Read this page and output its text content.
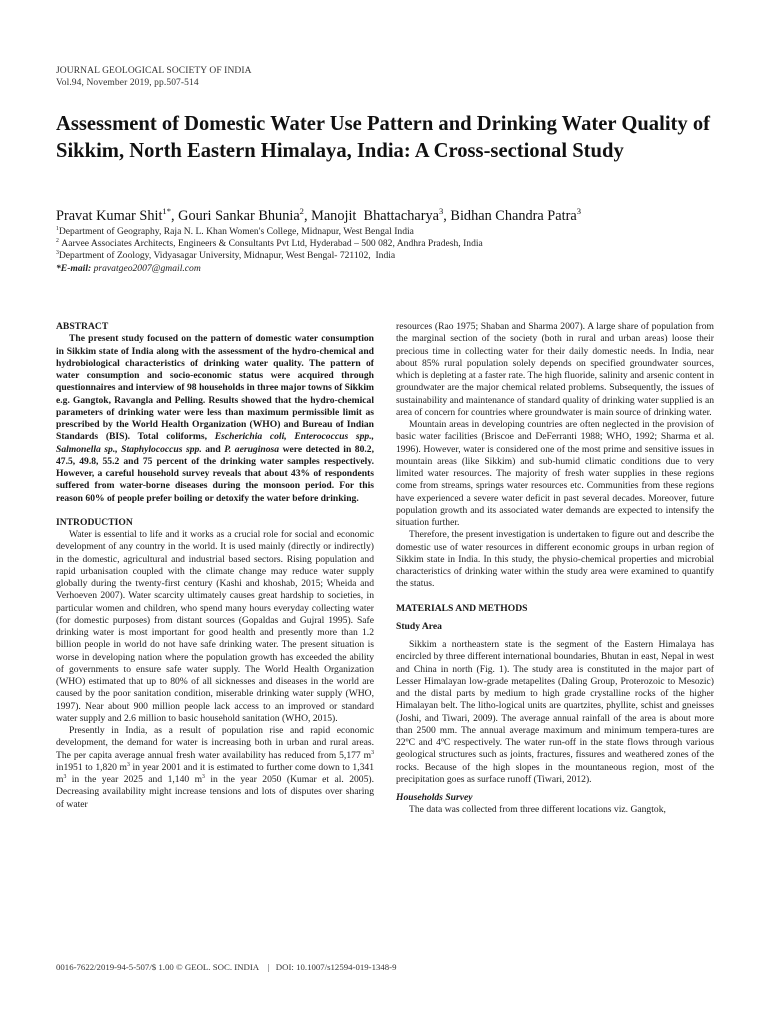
JOURNAL GEOLOGICAL SOCIETY OF INDIA
Vol.94, November 2019, pp.507-514
Assessment of Domestic Water Use Pattern and Drinking Water Quality of Sikkim, North Eastern Himalaya, India: A Cross-sectional Study
Pravat Kumar Shit$^{1*}$, Gouri Sankar Bhunia$^2$, Manojit  Bhattacharya$^3$, Bidhan Chandra Patra$^3$
$^1$Department of Geography, Raja N. L. Khan Women's College, Midnapur, West Bengal India
$^2$ Aarvee Associates Architects, Engineers & Consultants Pvt Ltd, Hyderabad – 500 082, Andhra Pradesh, India
$^3$Department of Zoology, Vidyasagar University, Midnapur, West Bengal- 721102,  India
*E-mail: pravatgeo2007@gmail.com
ABSTRACT

The present study focused on the pattern of domestic water consumption in Sikkim state of India along with the assessment of the hydro-chemical and hydrobiological characteristics of drinking water quality. The pattern of water consumption and socio-economic status were acquired through questionnaires and interview of 98 households in three major towns of Sikkim e.g. Gangtok, Ravangla and Pelling. Results showed that the hydro-chemical parameters of drinking water were less than maximum permissible limit as prescribed by the World Health Organization (WHO) and Bureau of Indian Standards (BIS). Total coliforms, Escherichia coli, Enterococcus spp., Salmonella sp., Staphylococcus spp. and P. aeruginosa were detected in 80.2, 47.5, 49.8, 55.2 and 75 percent of the drinking water samples respectively. However, a careful household survey reveals that about 43% of respondents suffered from water-borne diseases during the monsoon period. For this reason 60% of people prefer boiling or detoxify the water before drinking.

INTRODUCTION

Water is essential to life and it works as a crucial role for social and economic development of any country in the world. It is used mainly (directly or indirectly) in the domestic, agricultural and industrial based sectors. Rising population and rapid urbanisation coupled with the climate change may reduce water supply globally during the twenty-first century (Kashi and khoshab, 2015; Wheida and Verhoeven 2007). Water scarcity ultimately causes great hardship to societies, in particular women and children, who spend many hours everyday collecting water (for domestic purposes) from distant sources (Gopaldas and Gujral 1995). Safe drinking water is most important for good health and presently more than 1.2 billion people in world do not have safe drinking water. The present situation is worse in developing nation where the population growth has exceeded the ability of governments to ensure safe water supply. The World Health Organization (WHO) estimated that up to 80% of all sicknesses and diseases in the world are caused by the poor sanitation condition, miserable drinking water supply (WHO, 1997). Near about 900 million people lack access to an improved or standard water supply and 2.6 million to basic household sanitation (WHO, 2015).

Presently in India, as a result of population rise and rapid economic development, the demand for water is increasing both in urban and rural areas. The per capita average annual fresh water availability has reduced from 5,177 $m^3$ in1951 to 1,820 $m^3$ in year 2001 and it is estimated to further come down to 1,341 $m^3$ in the year 2025 and 1,140 $m^3$ in the year 2050 (Kumar et al. 2005). Decreasing availability might increase tensions and lots of disputes over sharing of water

resources (Rao 1975; Shaban and Sharma 2007). A large share of population from the marginal section of the society (both in rural and urban areas) loose their precious time in collecting water for their daily domestic needs. In India, near about 85% rural population solely depends on specified groundwater sources, which is depleting at a faster rate. The high fluoride, salinity and arsenic content in groundwater are the major chemical related problems. Subsequently, the issues of sustainability and maintenance of standard quality of drinking water supplied is an area of concern for countries where groundwater is main source of drinking water.

Mountain areas in developing countries are often neglected in the provision of basic water facilities (Briscoe and DeFerranti 1988; WHO, 1992; Sharma et al. 1996). However, water is considered one of the most prime and sensitive issues in mountain areas (like Sikkim) and sub-humid climatic conditions due to very limited water resources. The majority of fresh water supplies in these regions come from streams, springs water resources etc. Communities from these regions have experienced a severe water deficit in past several decades. Moreover, future population growth and its associated water demands are expected to intensify the situation further.

Therefore, the present investigation is undertaken to figure out and describe the domestic use of water resources in different economic groups in urban region of Sikkim state in India. In this study, the physio-chemical properties and microbial characteristics of drinking water within the study area were examined to quantify the status.

MATERIALS AND METHODS
Study Area

Sikkim a northeastern state is the segment of the Eastern Himalaya has encircled by three different international boundaries, Bhutan in east, Nepal in west and China in north (Fig. 1). The study area is constituted in the major part of Lesser Himalayan low-grade metapelites (Daling Group, Proterozoic to Mesozic) and the distal parts by medium to high grade crystalline rocks of the higher Himalayan belt. The litho-logical units are quartzites, phyllite, schist and gneisses (Joshi, and Tiwari, 2009). The average annual rainfall of the area is about more than 2500 mm. The annual average maximum and minimum tempera-tures are 22ºC and 4ºC respectively. The water run-off in the state flows through various geological structures such as joints, fractures, fissures and weathered zones of the rocks. Because of the high slopes in the mountaneous region, most of the precipitation goes as surface runoff (Tiwari, 2012).

Households Survey

The data was collected from three different locations viz. Gangtok,

0016-7622/2019-94-5-507/$ 1.00 © GEOL. SOC. INDIA    |   DOI: 10.1007/s12594-019-1348-9
